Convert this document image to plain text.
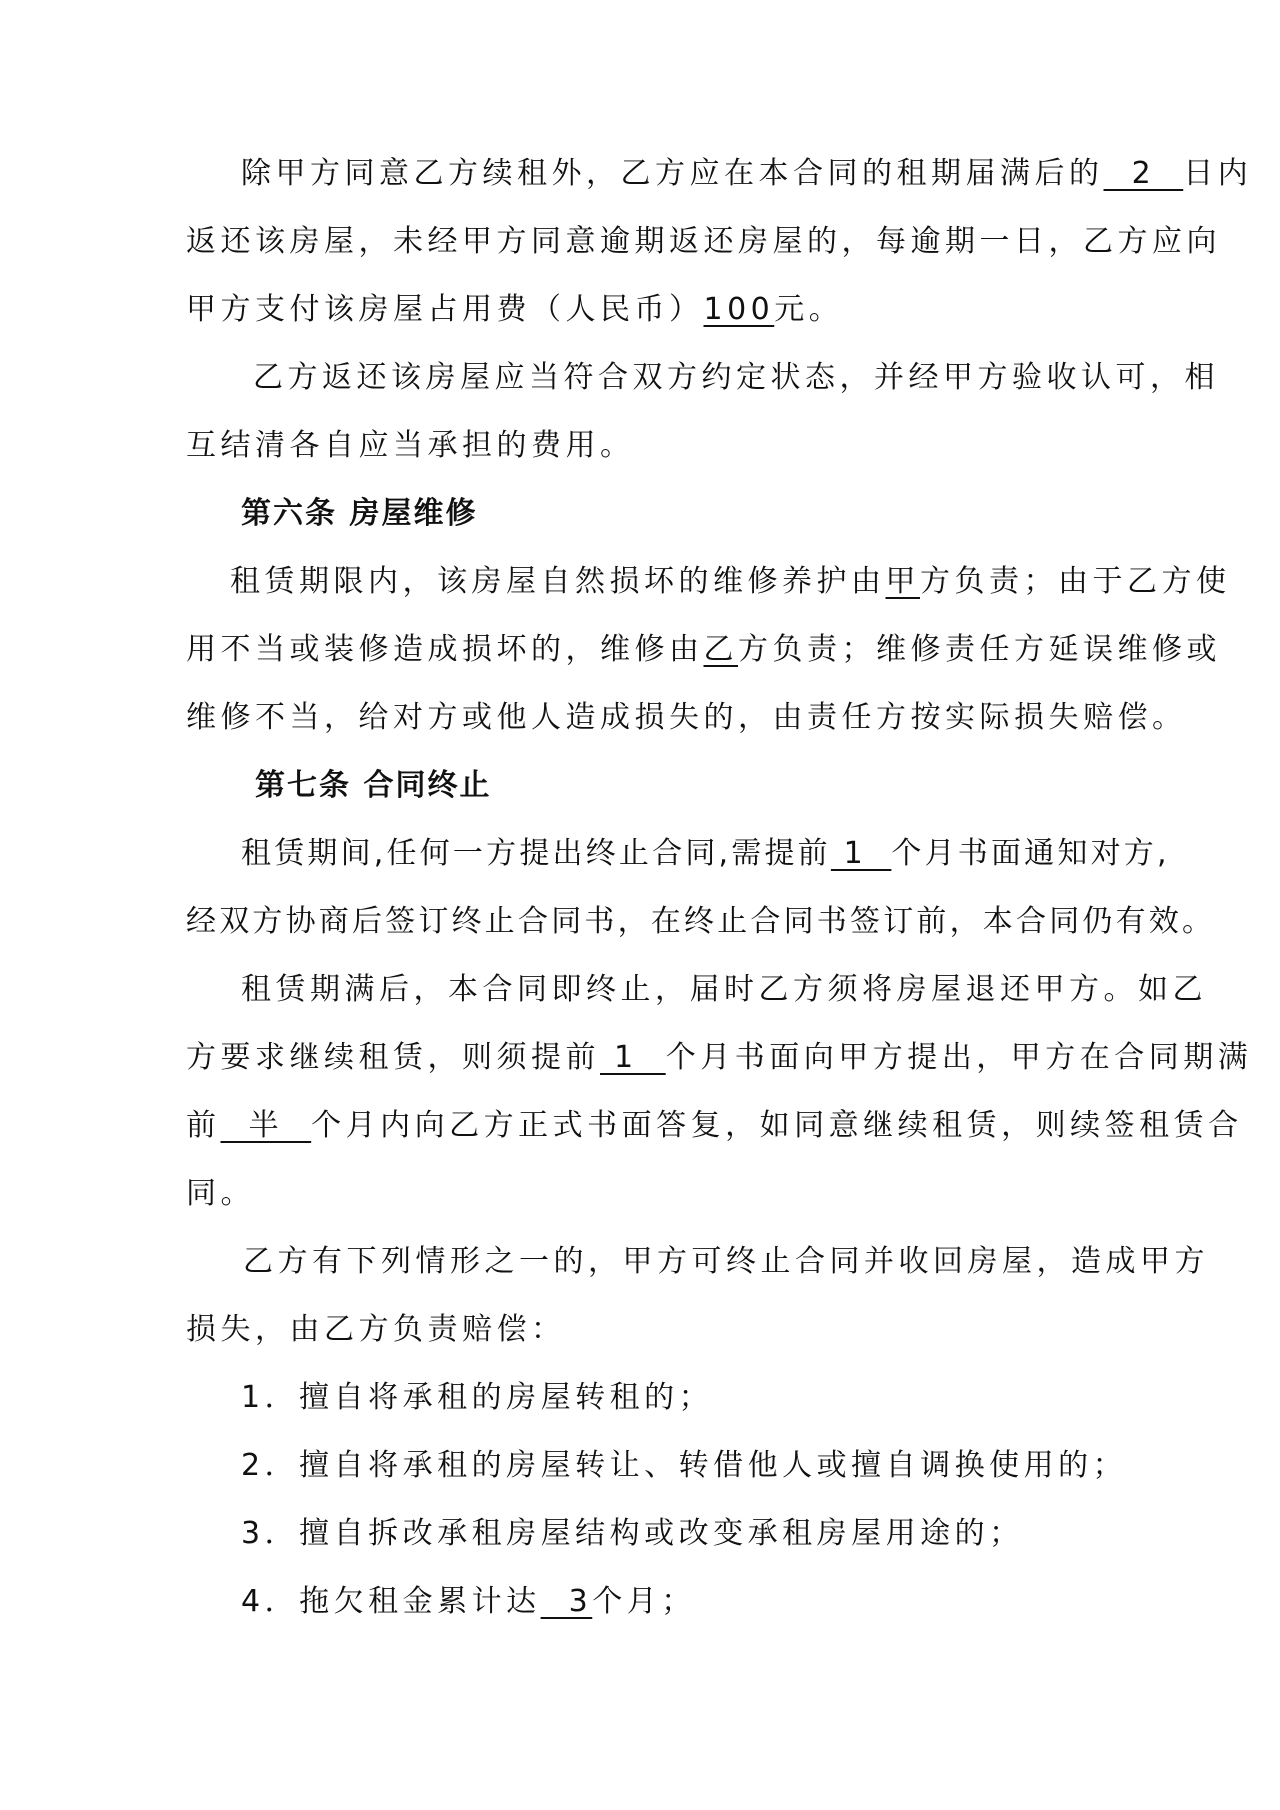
除甲方同意乙方续租外，乙方应在本合同的租期届满后的  2  日内
返还该房屋，未经甲方同意逾期返还房屋的，每逾期一日，乙方应向
甲方支付该房屋占用费（人民币）100元。
乙方返还该房屋应当符合双方约定状态，并经甲方验收认可，相
互结清各自应当承担的费用。
第六条 房屋维修
租赁期限内，该房屋自然损坏的维修养护由甲方负责；由于乙方使
用不当或装修造成损坏的，维修由乙方负责；维修责任方延误维修或
维修不当，给对方或他人造成损失的，由责任方按实际损失赔偿。
第七条 合同终止
租赁期间,任何一方提出终止合同,需提前 1  个月书面通知对方,
经双方协商后签订终止合同书，在终止合同书签订前，本合同仍有效。
租赁期满后，本合同即终止，届时乙方须将房屋退还甲方。如乙
方要求继续租赁，则须提前 1  个月书面向甲方提出，甲方在合同期满
前  半  个月内向乙方正式书面答复，如同意继续租赁，则续签租赁合
同。
乙方有下列情形之一的，甲方可终止合同并收回房屋，造成甲方
损失，由乙方负责赔偿：
1．擅自将承租的房屋转租的；
2．擅自将承租的房屋转让、转借他人或擅自调换使用的；
3．擅自拆改承租房屋结构或改变承租房屋用途的；
4．拖欠租金累计达  3个月；
